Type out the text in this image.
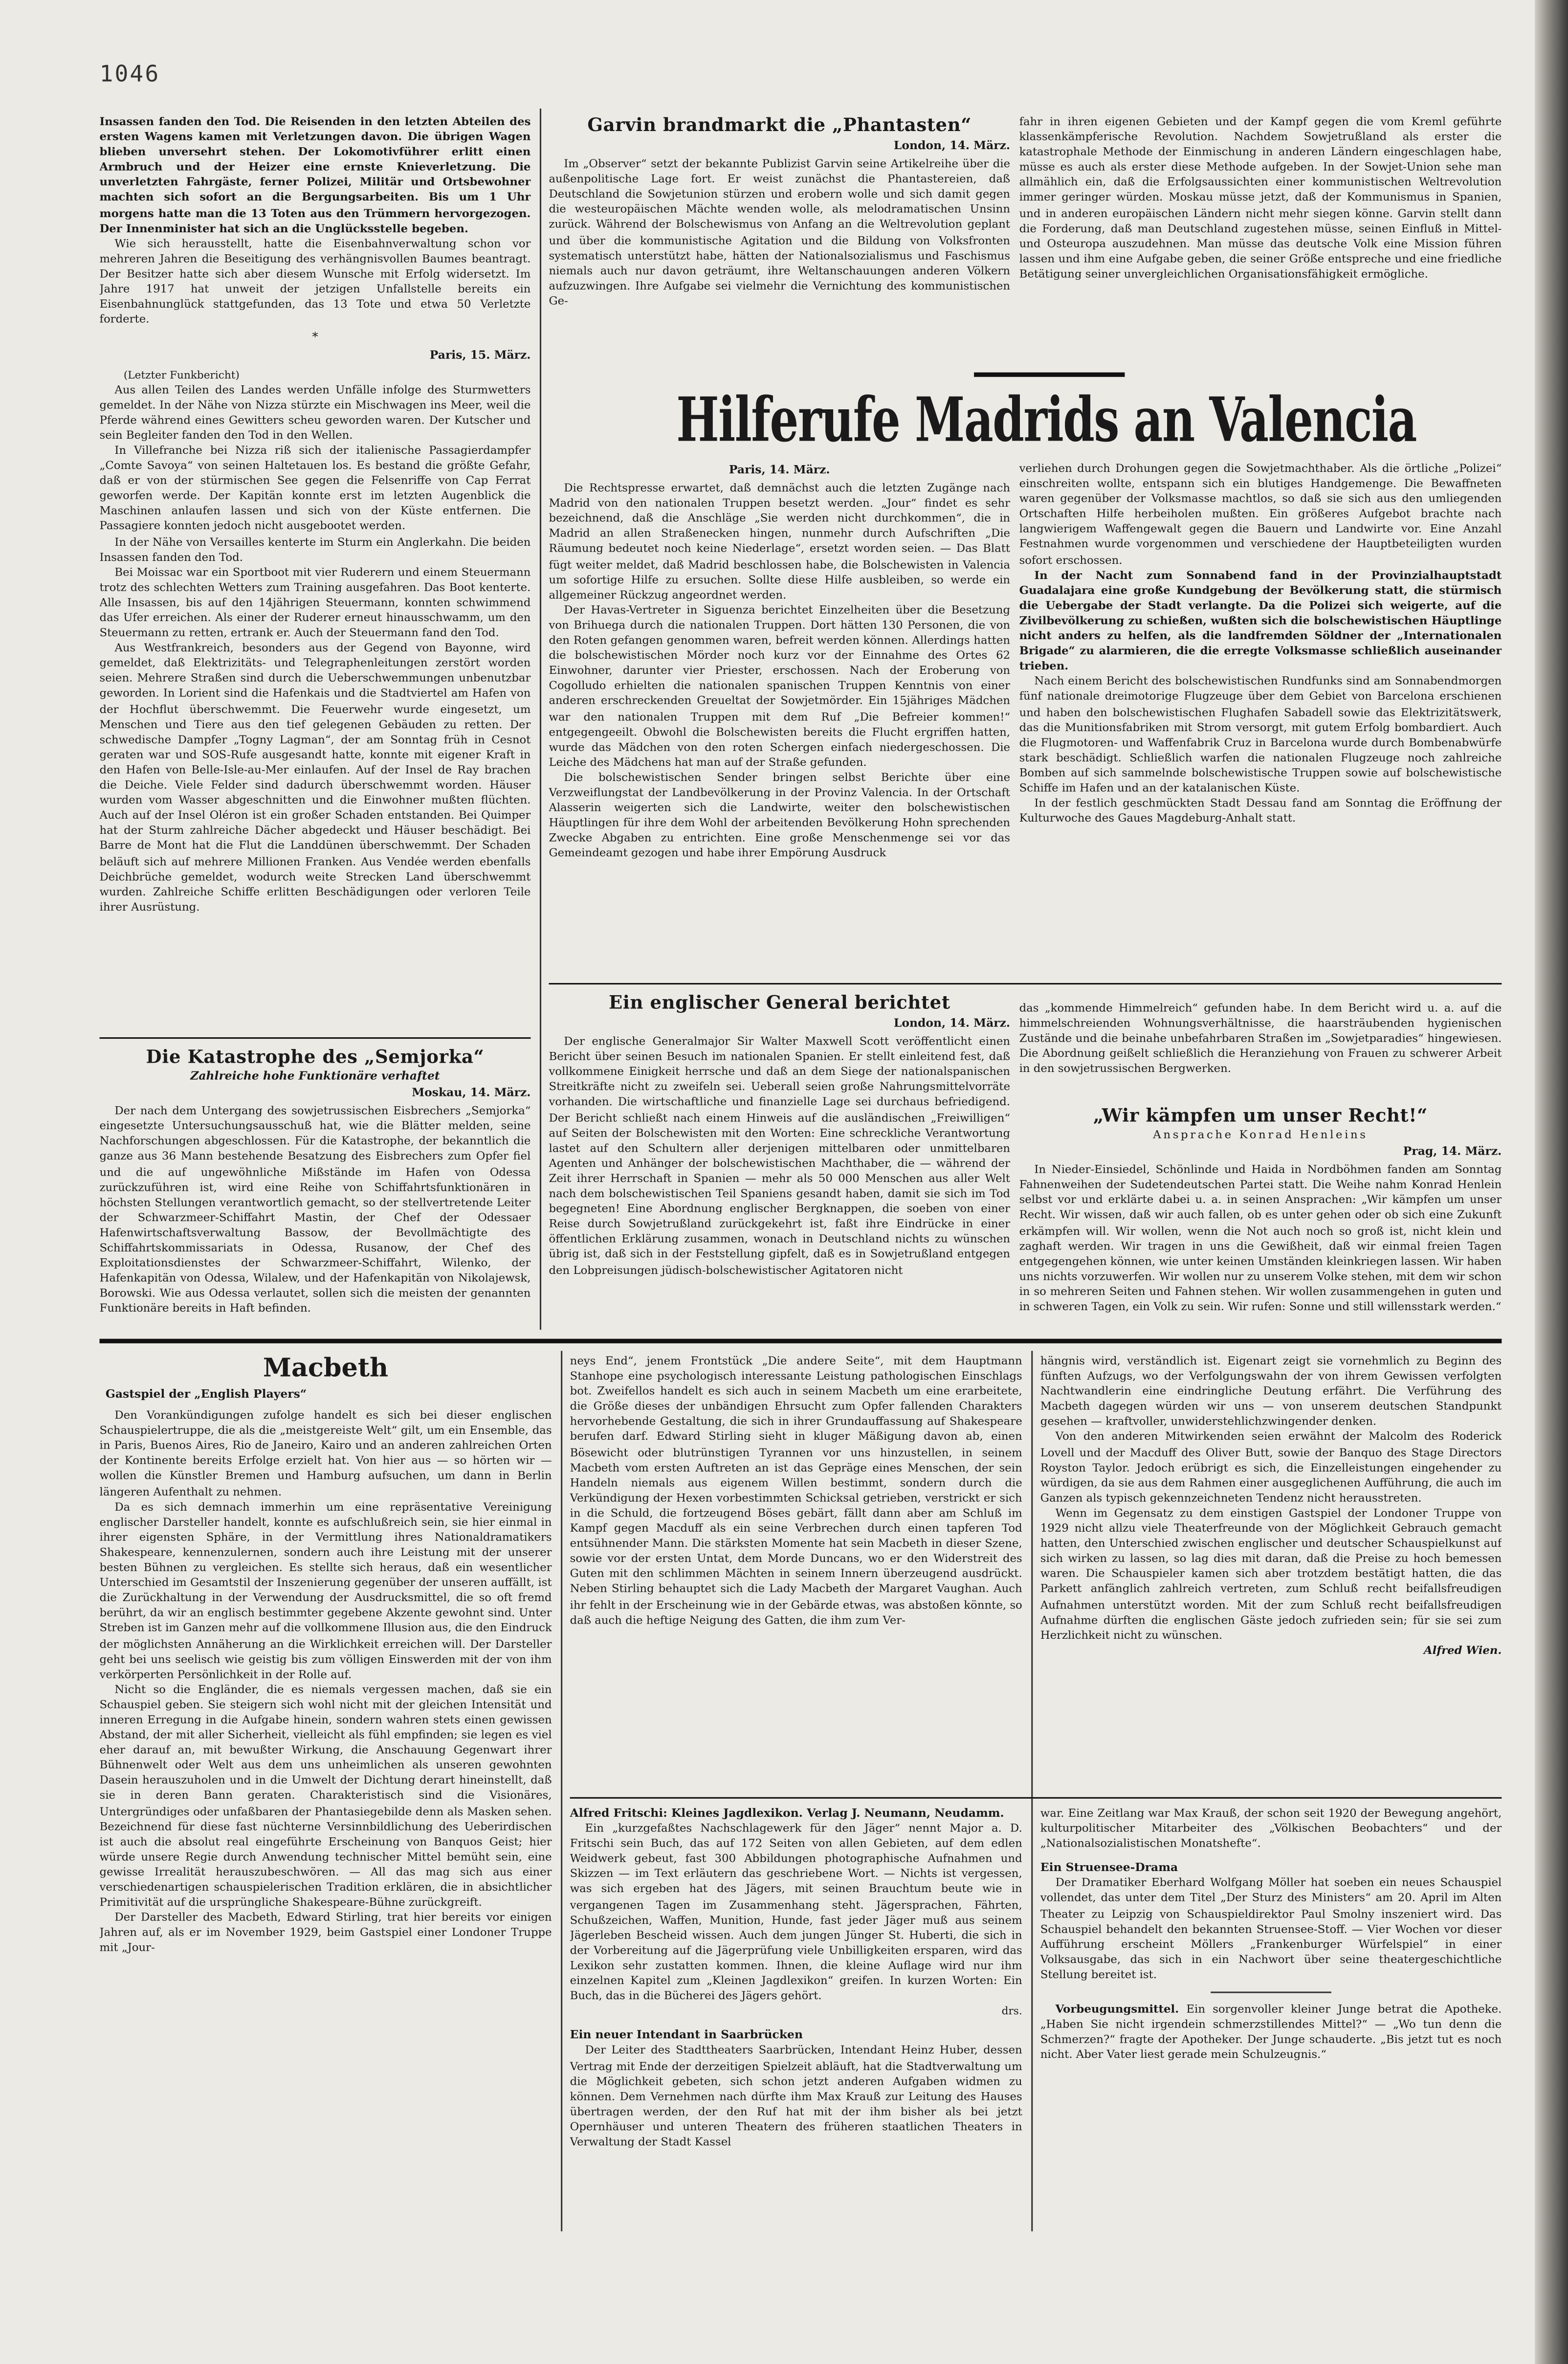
1046

Insassen fanden den Tod. Die Reisenden in den letzten Abteilen des ersten Wagens kamen mit Verletzungen davon. Die übrigen Wagen blieben unversehrt stehen. Der Lokomotivführer erlitt einen Armbruch und der Heizer eine ernste Knieverletzung. Die unverletzten Fahrgäste, ferner Polizei, Militär und Ortsbewohner machten sich sofort an die Bergungsarbeiten. Bis um 1 Uhr morgens hatte man die 13 Toten aus den Trümmern hervorgezogen. Der Innenminister hat sich an die Unglücksstelle begeben.

Wie sich herausstellt, hatte die Eisenbahnverwaltung schon vor mehreren Jahren die Beseitigung des verhängnisvollen Baumes beantragt. Der Besitzer hatte sich aber diesem Wunsche mit Erfolg widersetzt. Im Jahre 1917 hat unweit der jetzigen Unfallstelle bereits ein Eisenbahnunglück stattgefunden, das 13 Tote und etwa 50 Verletzte forderte.

*
Paris, 15. März.
(Letzter Funkbericht)

Aus allen Teilen des Landes werden Unfälle infolge des Sturmwetters gemeldet. In der Nähe von Nizza stürzte ein Mischwagen ins Meer, weil die Pferde während eines Gewitters scheu geworden waren. Der Kutscher und sein Begleiter fanden den Tod in den Wellen.

In Villefranche bei Nizza riß sich der italienische Passagierdampfer „Comte Savoya“ von seinen Haltetauen los. Es bestand die größte Gefahr, daß er von der stürmischen See gegen die Felsenriffe von Cap Ferrat geworfen werde. Der Kapitän konnte erst im letzten Augenblick die Maschinen anlaufen lassen und sich von der Küste entfernen. Die Passagiere konnten jedoch nicht ausgebootet werden.

In der Nähe von Versailles kenterte im Sturm ein Anglerkahn. Die beiden Insassen fanden den Tod.

Bei Moissac war ein Sportboot mit vier Ruderern und einem Steuermann trotz des schlechten Wetters zum Training ausgefahren. Das Boot kenterte. Alle Insassen, bis auf den 14jährigen Steuermann, konnten schwimmend das Ufer erreichen. Als einer der Ruderer erneut hinausschwamm, um den Steuermann zu retten, ertrank er. Auch der Steuermann fand den Tod.

Aus Westfrankreich, besonders aus der Gegend von Bayonne, wird gemeldet, daß Elektrizitäts- und Telegraphenleitungen zerstört worden seien. Mehrere Straßen sind durch die Ueberschwemmungen unbenutzbar geworden. In Lorient sind die Hafenkais und die Stadtviertel am Hafen von der Hochflut überschwemmt. Die Feuerwehr wurde eingesetzt, um Menschen und Tiere aus den tief gelegenen Gebäuden zu retten. Der schwedische Dampfer „Togny Lagman“, der am Sonntag früh in Cesnot geraten war und SOS-Rufe ausgesandt hatte, konnte mit eigener Kraft in den Hafen von Belle-Isle-au-Mer einlaufen. Auf der Insel de Ray brachen die Deiche. Viele Felder sind dadurch überschwemmt worden. Häuser wurden vom Wasser abgeschnitten und die Einwohner mußten flüchten. Auch auf der Insel Oléron ist ein großer Schaden entstanden. Bei Quimper hat der Sturm zahlreiche Dächer abgedeckt und Häuser beschädigt. Bei Barre de Mont hat die Flut die Landdünen überschwemmt. Der Schaden beläuft sich auf mehrere Millionen Franken. Aus Vendée werden ebenfalls Deichbrüche gemeldet, wodurch weite Strecken Land überschwemmt wurden. Zahlreiche Schiffe erlitten Beschädigungen oder verloren Teile ihrer Ausrüstung.

Die Katastrophe des „Semjorka“
Zahlreiche hohe Funktionäre verhaftet
Moskau, 14. März.

Der nach dem Untergang des sowjetrussischen Eisbrechers „Semjorka“ eingesetzte Untersuchungsausschuß hat, wie die Blätter melden, seine Nachforschungen abgeschlossen. Für die Katastrophe, der bekanntlich die ganze aus 36 Mann bestehende Besatzung des Eisbrechers zum Opfer fiel und die auf ungewöhnliche Mißstände im Hafen von Odessa zurückzuführen ist, wird eine Reihe von Schiffahrtsfunktionären in höchsten Stellungen verantwortlich gemacht, so der stellvertretende Leiter der Schwarzmeer-Schiffahrt Mastin, der Chef der Odessaer Hafenwirtschaftsverwaltung Bassow, der Bevollmächtigte des Schiffahrtskommissariats in Odessa, Rusanow, der Chef des Exploitationsdienstes der Schwarzmeer-Schiffahrt, Wilenko, der Hafenkapitän von Odessa, Wilalew, und der Hafenkapitän von Nikolajewsk, Borowski. Wie aus Odessa verlautet, sollen sich die meisten der genannten Funktionäre bereits in Haft befinden.

Garvin brandmarkt die „Phantasten“
London, 14. März.

Im „Observer“ setzt der bekannte Publizist Garvin seine Artikelreihe über die außenpolitische Lage fort. Er weist zunächst die Phantastereien, daß Deutschland die Sowjetunion stürzen und erobern wolle und sich damit gegen die westeuropäischen Mächte wenden wolle, als melodramatischen Unsinn zurück. Während der Bolschewismus von Anfang an die Weltrevolution geplant und über die kommunistische Agitation und die Bildung von Volksfronten systematisch unterstützt habe, hätten der Nationalsozialismus und Faschismus niemals auch nur davon geträumt, ihre Weltanschauungen anderen Völkern aufzuzwingen. Ihre Aufgabe sei vielmehr die Vernichtung des kommunistischen Ge-

fahr in ihren eigenen Gebieten und der Kampf gegen die vom Kreml geführte klassenkämpferische Revolution. Nachdem Sowjetrußland als erster die katastrophale Methode der Einmischung in anderen Ländern eingeschlagen habe, müsse es auch als erster diese Methode aufgeben. In der Sowjet-Union sehe man allmählich ein, daß die Erfolgsaussichten einer kommunistischen Weltrevolution immer geringer würden. Moskau müsse jetzt, daß der Kommunismus in Spanien, und in anderen europäischen Ländern nicht mehr siegen könne. Garvin stellt dann die Forderung, daß man Deutschland zugestehen müsse, seinen Einfluß in Mittel- und Osteuropa auszudehnen. Man müsse das deutsche Volk eine Mission führen lassen und ihm eine Aufgabe geben, die seiner Größe entspreche und eine friedliche Betätigung seiner unvergleichlichen Organisationsfähigkeit ermögliche.

Hilferufe Madrids an Valencia
Paris, 14. März.

Die Rechtspresse erwartet, daß demnächst auch die letzten Zugänge nach Madrid von den nationalen Truppen besetzt werden. „Jour“ findet es sehr bezeichnend, daß die Anschläge „Sie werden nicht durchkommen“, die in Madrid an allen Straßenecken hingen, nunmehr durch Aufschriften „Die Räumung bedeutet noch keine Niederlage“, ersetzt worden seien. — Das Blatt fügt weiter meldet, daß Madrid beschlossen habe, die Bolschewisten in Valencia um sofortige Hilfe zu ersuchen. Sollte diese Hilfe ausbleiben, so werde ein allgemeiner Rückzug angeordnet werden.

Der Havas-Vertreter in Siguenza berichtet Einzelheiten über die Besetzung von Brihuega durch die nationalen Truppen. Dort hätten 130 Personen, die von den Roten gefangen genommen waren, befreit werden können. Allerdings hatten die bolschewistischen Mörder noch kurz vor der Einnahme des Ortes 62 Einwohner, darunter vier Priester, erschossen. Nach der Eroberung von Cogolludo erhielten die nationalen spanischen Truppen Kenntnis von einer anderen erschreckenden Greueltat der Sowjetmörder. Ein 15jähriges Mädchen war den nationalen Truppen mit dem Ruf „Die Befreier kommen!“ entgegengeeilt. Obwohl die Bolschewisten bereits die Flucht ergriffen hatten, wurde das Mädchen von den roten Schergen einfach niedergeschossen. Die Leiche des Mädchens hat man auf der Straße gefunden.

Die bolschewistischen Sender bringen selbst Berichte über eine Verzweiflungstat der Landbevölkerung in der Provinz Valencia. In der Ortschaft Alasserin weigerten sich die Landwirte, weiter den bolschewistischen Häuptlingen für ihre dem Wohl der arbeitenden Bevölkerung Hohn sprechenden Zwecke Abgaben zu entrichten. Eine große Menschenmenge sei vor das Gemeindeamt gezogen und habe ihrer Empörung Ausdruck

verliehen durch Drohungen gegen die Sowjetmachthaber. Als die örtliche „Polizei“ einschreiten wollte, entspann sich ein blutiges Handgemenge. Die Bewaffneten waren gegenüber der Volksmasse machtlos, so daß sie sich aus den umliegenden Ortschaften Hilfe herbeiholen mußten. Ein größeres Aufgebot brachte nach langwierigem Waffengewalt gegen die Bauern und Landwirte vor. Eine Anzahl Festnahmen wurde vorgenommen und verschiedene der Hauptbeteiligten wurden sofort erschossen.

In der Nacht zum Sonnabend fand in der Provinzialhauptstadt Guadalajara eine große Kundgebung der Bevölkerung statt, die stürmisch die Uebergabe der Stadt verlangte. Da die Polizei sich weigerte, auf die Zivilbevölkerung zu schießen, wußten sich die bolschewistischen Häuptlinge nicht anders zu helfen, als die landfremden Söldner der „Internationalen Brigade“ zu alarmieren, die die erregte Volksmasse schließlich auseinander trieben.

Nach einem Bericht des bolschewistischen Rundfunks sind am Sonnabendmorgen fünf nationale dreimotorige Flugzeuge über dem Gebiet von Barcelona erschienen und haben den bolschewistischen Flughafen Sabadell sowie das Elektrizitätswerk, das die Munitionsfabriken mit Strom versorgt, mit gutem Erfolg bombardiert. Auch die Flugmotoren- und Waffenfabrik Cruz in Barcelona wurde durch Bombenabwürfe stark beschädigt. Schließlich warfen die nationalen Flugzeuge noch zahlreiche Bomben auf sich sammelnde bolschewistische Truppen sowie auf bolschewistische Schiffe im Hafen und an der katalanischen Küste.

In der festlich geschmückten Stadt Dessau fand am Sonntag die Eröffnung der Kulturwoche des Gaues Magdeburg-Anhalt statt.

Ein englischer General berichtet
London, 14. März.

Der englische Generalmajor Sir Walter Maxwell Scott veröffentlicht einen Bericht über seinen Besuch im nationalen Spanien. Er stellt einleitend fest, daß vollkommene Einigkeit herrsche und daß an dem Siege der nationalspanischen Streitkräfte nicht zu zweifeln sei. Ueberall seien große Nahrungsmittelvorräte vorhanden. Die wirtschaftliche und finanzielle Lage sei durchaus befriedigend. Der Bericht schließt nach einem Hinweis auf die ausländischen „Freiwilligen“ auf Seiten der Bolschewisten mit den Worten: Eine schreckliche Verantwortung lastet auf den Schultern aller derjenigen mittelbaren oder unmittelbaren Agenten und Anhänger der bolschewistischen Machthaber, die — während der Zeit ihrer Herrschaft in Spanien — mehr als 50 000 Menschen aus aller Welt nach dem bolschewistischen Teil Spaniens gesandt haben, damit sie sich im Tod begegneten! Eine Abordnung englischer Bergknappen, die soeben von einer Reise durch Sowjetrußland zurückgekehrt ist, faßt ihre Eindrücke in einer öffentlichen Erklärung zusammen, wonach in Deutschland nichts zu wünschen übrig ist, daß sich in der Feststellung gipfelt, daß es in Sowjetrußland entgegen den Lobpreisungen jüdisch-bolschewistischer Agitatoren nicht

das „kommende Himmelreich“ gefunden habe. In dem Bericht wird u. a. auf die himmelschreienden Wohnungsverhältnisse, die haarsträubenden hygienischen Zustände und die beinahe unbefahrbaren Straßen im „Sowjetparadies“ hingewiesen. Die Abordnung geißelt schließlich die Heranziehung von Frauen zu schwerer Arbeit in den sowjetrussischen Bergwerken.

„Wir kämpfen um unser Recht!“
Ansprache Konrad Henleins
Prag, 14. März.

In Nieder-Einsiedel, Schönlinde und Haida in Nordböhmen fanden am Sonntag Fahnenweihen der Sudetendeutschen Partei statt. Die Weihe nahm Konrad Henlein selbst vor und erklärte dabei u. a. in seinen Ansprachen: „Wir kämpfen um unser Recht. Wir wissen, daß wir auch fallen, ob es unter gehen oder ob sich eine Zukunft erkämpfen will. Wir wollen, wenn die Not auch noch so groß ist, nicht klein und zaghaft werden. Wir tragen in uns die Gewißheit, daß wir einmal freien Tagen entgegengehen können, wie unter keinen Umständen kleinkriegen lassen. Wir haben uns nichts vorzuwerfen. Wir wollen nur zu unserem Volke stehen, mit dem wir schon in so mehreren Seiten und Fahnen stehen. Wir wollen zusammengehen in guten und in schweren Tagen, ein Volk zu sein. Wir rufen: Sonne und still willensstark werden.“

Macbeth
Gastspiel der „English Players“

Den Vorankündigungen zufolge handelt es sich bei dieser englischen Schauspielertruppe, die als die „meistgereiste Welt“ gilt, um ein Ensemble, das in Paris, Buenos Aires, Rio de Janeiro, Kairo und an anderen zahlreichen Orten der Kontinente bereits Erfolge erzielt hat. Von hier aus — so hörten wir — wollen die Künstler Bremen und Hamburg aufsuchen, um dann in Berlin längeren Aufenthalt zu nehmen.

Da es sich demnach immerhin um eine repräsentative Vereinigung englischer Darsteller handelt, konnte es aufschlußreich sein, sie hier einmal in ihrer eigensten Sphäre, in der Vermittlung ihres Nationaldramatikers Shakespeare, kennenzulernen, sondern auch ihre Leistung mit der unserer besten Bühnen zu vergleichen. Es stellte sich heraus, daß ein wesentlicher Unterschied im Gesamtstil der Inszenierung gegenüber der unseren auffällt, ist die Zurückhaltung in der Verwendung der Ausdrucksmittel, die so oft fremd berührt, da wir an englisch bestimmter gegebene Akzente gewohnt sind. Unter Streben ist im Ganzen mehr auf die vollkommene Illusion aus, die den Eindruck der möglichsten Annäherung an die Wirklichkeit erreichen will. Der Darsteller geht bei uns seelisch wie geistig bis zum völligen Einswerden mit der von ihm verkörperten Persönlichkeit in der Rolle auf.

Nicht so die Engländer, die es niemals vergessen machen, daß sie ein Schauspiel geben. Sie steigern sich wohl nicht mit der gleichen Intensität und inneren Erregung in die Aufgabe hinein, sondern wahren stets einen gewissen Abstand, der mit aller Sicherheit, vielleicht als fühl empfinden; sie legen es viel eher darauf an, mit bewußter Wirkung, die Anschauung Gegenwart ihrer Bühnenwelt oder Welt aus dem uns unheimlichen als unseren gewohnten Dasein herauszuholen und in die Umwelt der Dichtung derart hineinstellt, daß sie in deren Bann geraten. Charakteristisch sind die Visionäres, Untergründiges oder unfaßbaren der Phantasiegebilde denn als Masken sehen. Bezeichnend für diese fast nüchterne Versinnbildlichung des Ueberirdischen ist auch die absolut real eingeführte Erscheinung von Banquos Geist; hier würde unsere Regie durch Anwendung technischer Mittel bemüht sein, eine gewisse Irrealität herauszubeschwören. — All das mag sich aus einer verschiedenartigen schauspielerischen Tradition erklären, die in absichtlicher Primitivität auf die ursprüngliche Shakespeare-Bühne zurückgreift.

Der Darsteller des Macbeth, Edward Stirling, trat hier bereits vor einigen Jahren auf, als er im November 1929, beim Gastspiel einer Londoner Truppe mit „Jour-

neys End“, jenem Frontstück „Die andere Seite“, mit dem Hauptmann Stanhope eine psychologisch interessante Leistung pathologischen Einschlags bot. Zweifellos handelt es sich auch in seinem Macbeth um eine erarbeitete, die Größe dieses der unbändigen Ehrsucht zum Opfer fallenden Charakters hervorhebende Gestaltung, die sich in ihrer Grundauffassung auf Shakespeare berufen darf. Edward Stirling sieht in kluger Mäßigung davon ab, einen Bösewicht oder blutrünstigen Tyrannen vor uns hinzustellen, in seinem Macbeth vom ersten Auftreten an ist das Gepräge eines Menschen, der sein Handeln niemals aus eigenem Willen bestimmt, sondern durch die Verkündigung der Hexen vorbestimmten Schicksal getrieben, verstrickt er sich in die Schuld, die fortzeugend Böses gebärt, fällt dann aber am Schluß im Kampf gegen Macduff als ein seine Verbrechen durch einen tapferen Tod entsühnender Mann. Die stärksten Momente hat sein Macbeth in dieser Szene, sowie vor der ersten Untat, dem Morde Duncans, wo er den Widerstreit des Guten mit den schlimmen Mächten in seinem Innern überzeugend ausdrückt. Neben Stirling behauptet sich die Lady Macbeth der Margaret Vaughan. Auch ihr fehlt in der Erscheinung wie in der Gebärde etwas, was abstoßen könnte, so daß auch die heftige Neigung des Gatten, die ihm zum Ver-

hängnis wird, verständlich ist. Eigenart zeigt sie vornehmlich zu Beginn des fünften Aufzugs, wo der Verfolgungswahn der von ihrem Gewissen verfolgten Nachtwandlerin eine eindringliche Deutung erfährt. Die Verführung des Macbeth dagegen würden wir uns — von unserem deutschen Standpunkt gesehen — kraftvoller, unwiderstehlichzwingender denken.

Von den anderen Mitwirkenden seien erwähnt der Malcolm des Roderick Lovell und der Macduff des Oliver Butt, sowie der Banquo des Stage Directors Royston Taylor. Jedoch erübrigt es sich, die Einzelleistungen eingehender zu würdigen, da sie aus dem Rahmen einer ausgeglichenen Aufführung, die auch im Ganzen als typisch gekennzeichneten Tendenz nicht herausstreten.

Wenn im Gegensatz zu dem einstigen Gastspiel der Londoner Truppe von 1929 nicht allzu viele Theaterfreunde von der Möglichkeit Gebrauch gemacht hatten, den Unterschied zwischen englischer und deutscher Schauspielkunst auf sich wirken zu lassen, so lag dies mit daran, daß die Preise zu hoch bemessen waren. Die Schauspieler kamen sich aber trotzdem bestätigt hatten, die das Parkett anfänglich zahlreich vertreten, zum Schluß recht beifallsfreudigen Aufnahmen unterstützt worden. Mit der zum Schluß recht beifallsfreudigen Aufnahme dürften die englischen Gäste jedoch zufrieden sein; für sie sei zum Herzlichkeit nicht zu wünschen.

Alfred Wien.
Alfred Fritschi: Kleines Jagdlexikon. Verlag J. Neumann, Neudamm.

Ein „kurzgefaßtes Nachschlagewerk für den Jäger“ nennt Major a. D. Fritschi sein Buch, das auf 172 Seiten von allen Gebieten, auf dem edlen Weidwerk gebeut, fast 300 Abbildungen photographische Aufnahmen und Skizzen — im Text erläutern das geschriebene Wort. — Nichts ist vergessen, was sich ergeben hat des Jägers, mit seinen Brauchtum beute wie in vergangenen Tagen im Zusammenhang steht. Jägersprachen, Fährten, Schußzeichen, Waffen, Munition, Hunde, fast jeder Jäger muß aus seinem Jägerleben Bescheid wissen. Auch dem jungen Jünger St. Huberti, die sich in der Vorbereitung auf die Jägerprüfung viele Unbilligkeiten ersparen, wird das Lexikon sehr zustatten kommen. Ihnen, die kleine Auflage wird nur ihm einzelnen Kapitel zum „Kleinen Jagdlexikon“ greifen. In kurzen Worten: Ein Buch, das in die Bücherei des Jägers gehört.

drs.
Ein neuer Intendant in Saarbrücken

Der Leiter des Stadttheaters Saarbrücken, Intendant Heinz Huber, dessen Vertrag mit Ende der derzeitigen Spielzeit abläuft, hat die Stadtverwaltung um die Möglichkeit gebeten, sich schon jetzt anderen Aufgaben widmen zu können. Dem Vernehmen nach dürfte ihm Max Krauß zur Leitung des Hauses übertragen werden, der den Ruf hat mit der ihm bisher als bei jetzt Opernhäuser und unteren Theatern des früheren staatlichen Theaters in Verwaltung der Stadt Kassel

war. Eine Zeitlang war Max Krauß, der schon seit 1920 der Bewegung angehört, kulturpolitischer Mitarbeiter des „Völkischen Beobachters“ und der „Nationalsozialistischen Monatshefte“.

Ein Struensee-Drama

Der Dramatiker Eberhard Wolfgang Möller hat soeben ein neues Schauspiel vollendet, das unter dem Titel „Der Sturz des Ministers“ am 20. April im Alten Theater zu Leipzig von Schauspieldirektor Paul Smolny inszeniert wird. Das Schauspiel behandelt den bekannten Struensee-Stoff. — Vier Wochen vor dieser Aufführung erscheint Möllers „Frankenburger Würfelspiel“ in einer Volksausgabe, das sich in ein Nachwort über seine theatergeschichtliche Stellung bereitet ist.

Vorbeugungsmittel. Ein sorgenvoller kleiner Junge betrat die Apotheke. „Haben Sie nicht irgendein schmerzstillendes Mittel?“ — „Wo tun denn die Schmerzen?“ fragte der Apotheker. Der Junge schauderte. „Bis jetzt tut es noch nicht. Aber Vater liest gerade mein Schulzeugnis.“
